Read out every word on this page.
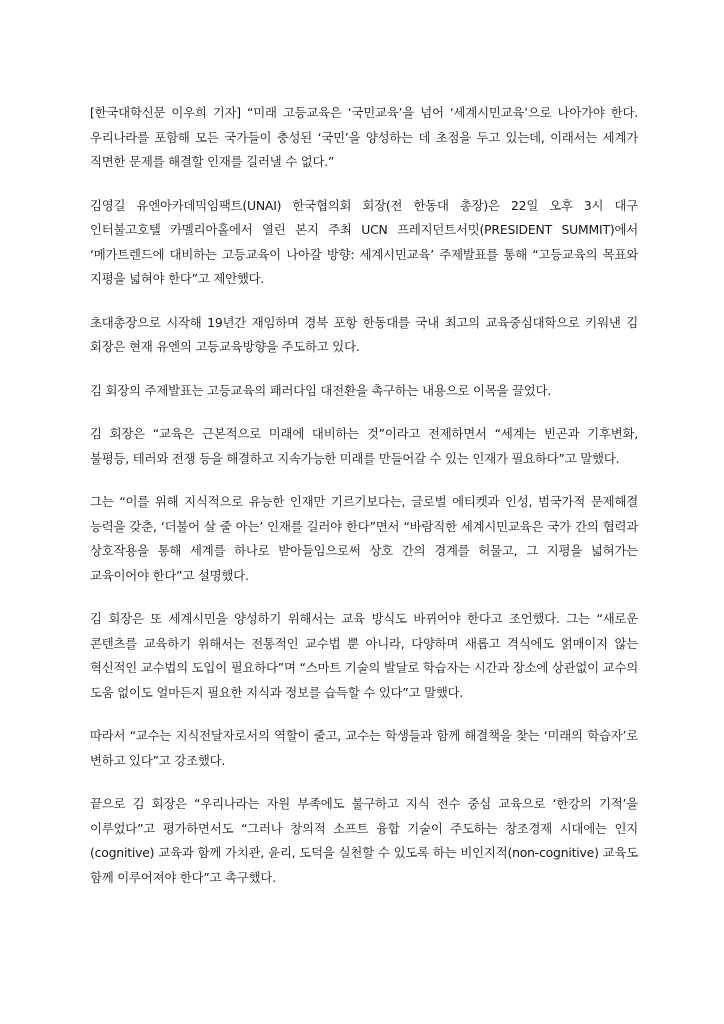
[한국대학신문 이우희 기자] “미래 고등교육은 ‘국민교육’을 넘어 ‘세계시민교육’으로 나아가야 한다. 우리나라를 포함해 모든 국가들이 충성된 ‘국민’을 양성하는 데 초점을 두고 있는데, 이래서는 세계가 직면한 문제를 해결할 인재를 길러낼 수 없다.”

김영길 유엔아카데믹임팩트(UNAI) 한국협의회 회장(전 한동대 총장)은 22일 오후 3시 대구 인터불고호텔 카멜리아홀에서 열린 본지 주최 UCN 프레지던트서밋(PRESIDENT SUMMIT)에서 ‘메가트렌드에 대비하는 고등교육이 나아갈 방향: 세계시민교육’ 주제발표를 통해 “고등교육의 목표와 지평을 넓혀야 한다”고 제안했다.

초대총장으로 시작해 19년간 재임하며 경북 포항 한동대를 국내 최고의 교육중심대학으로 키워낸 김 회장은 현재 유엔의 고등교육방향을 주도하고 있다.

김 회장의 주제발표는 고등교육의 패러다임 대전환을 촉구하는 내용으로 이목을 끌었다.

김 회장은 “교육은 근본적으로 미래에 대비하는 것”이라고 전제하면서 “세계는 빈곤과 기후변화, 불평등, 테러와 전쟁 등을 해결하고 지속가능한 미래를 만들어갈 수 있는 인재가 필요하다”고 말했다.

그는 “이를 위해 지식적으로 유능한 인재만 기르기보다는, 글로벌 에티켓과 인성, 범국가적 문제해결 능력을 갖춘, ‘더불어 살 줄 아는’ 인재를 길러야 한다”면서 “바람직한 세계시민교육은 국가 간의 협력과 상호작용을 통해 세계를 하나로 받아들임으로써 상호 간의 경계를 허물고, 그 지평을 넓혀가는 교육이어야 한다”고 설명했다.

김 회장은 또 세계시민을 양성하기 위해서는 교육 방식도 바뀌어야 한다고 조언했다. 그는 “새로운 콘텐츠를 교육하기 위해서는 전통적인 교수법 뿐 아니라, 다양하며 새롭고 격식에도 얽매이지 않는 혁신적인 교수법의 도입이 필요하다”며 “스마트 기술의 발달로 학습자는 시간과 장소에 상관없이 교수의 도움 없이도 얼마든지 필요한 지식과 정보를 습득할 수 있다”고 말했다.

따라서 “교수는 지식전달자로서의 역할이 줄고, 교수는 학생들과 함께 해결책을 찾는 ‘미래의 학습자’로 변하고 있다”고 강조했다.

끝으로 김 회장은 “우리나라는 자원 부족에도 불구하고 지식 전수 중심 교육으로 ‘한강의 기적’을 이루었다”고 평가하면서도 “그러나 창의적 소프트 융합 기술이 주도하는 창조경제 시대에는 인지(cognitive) 교육과 함께 가치관, 윤리, 도덕을 실천할 수 있도록 하는 비인지적(non-cognitive) 교육도 함께 이루어져야 한다”고 촉구했다.
